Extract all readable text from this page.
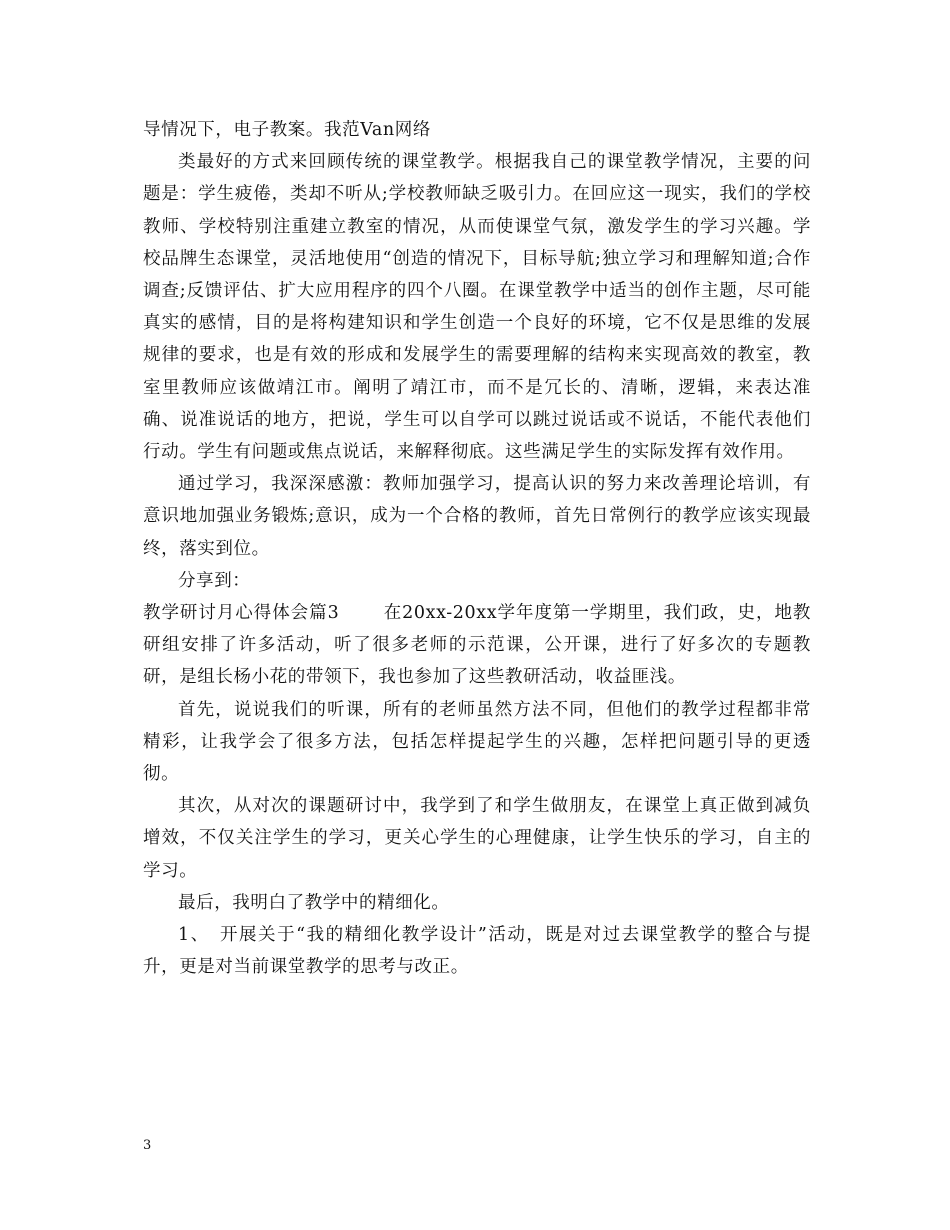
导情况下，电子教案。我范Van网络

类最好的方式来回顾传统的课堂教学。根据我自己的课堂教学情况，主要的问题是：学生疲倦，类却不听从;学校教师缺乏吸引力。在回应这一现实，我们的学校教师、学校特别注重建立教室的情况，从而使课堂气氛，激发学生的学习兴趣。学校品牌生态课堂，灵活地使用“创造的情况下，目标导航;独立学习和理解知道;合作调查;反馈评估、扩大应用程序的四个八圈。在课堂教学中适当的创作主题，尽可能真实的感情，目的是将构建知识和学生创造一个良好的环境，它不仅是思维的发展规律的要求，也是有效的形成和发展学生的需要理解的结构来实现高效的教室，教室里教师应该做靖江市。阐明了靖江市，而不是冗长的、清晰，逻辑，来表达准确、说准说话的地方，把说，学生可以自学可以跳过说话或不说话，不能代表他们行动。学生有问题或焦点说话，来解释彻底。这些满足学生的实际发挥有效作用。

通过学习，我深深感激：教师加强学习，提高认识的努力来改善理论培训，有意识地加强业务锻炼;意识，成为一个合格的教师，首先日常例行的教学应该实现最终，落实到位。

分享到：

教学研讨月心得体会篇3	在20xx-20xx学年度第一学期里，我们政，史，地教研组安排了许多活动，听了很多老师的示范课，公开课，进行了好多次的专题教研，是组长杨小花的带领下，我也参加了这些教研活动，收益匪浅。

首先，说说我们的听课，所有的老师虽然方法不同，但他们的教学过程都非常精彩，让我学会了很多方法，包括怎样提起学生的兴趣，怎样把问题引导的更透彻。

其次，从对次的课题研讨中，我学到了和学生做朋友，在课堂上真正做到减负增效，不仅关注学生的学习，更关心学生的心理健康，让学生快乐的学习，自主的学习。

最后，我明白了教学中的精细化。

1、　开展关于“我的精细化教学设计”活动，既是对过去课堂教学的整合与提升，更是对当前课堂教学的思考与改正。

3
